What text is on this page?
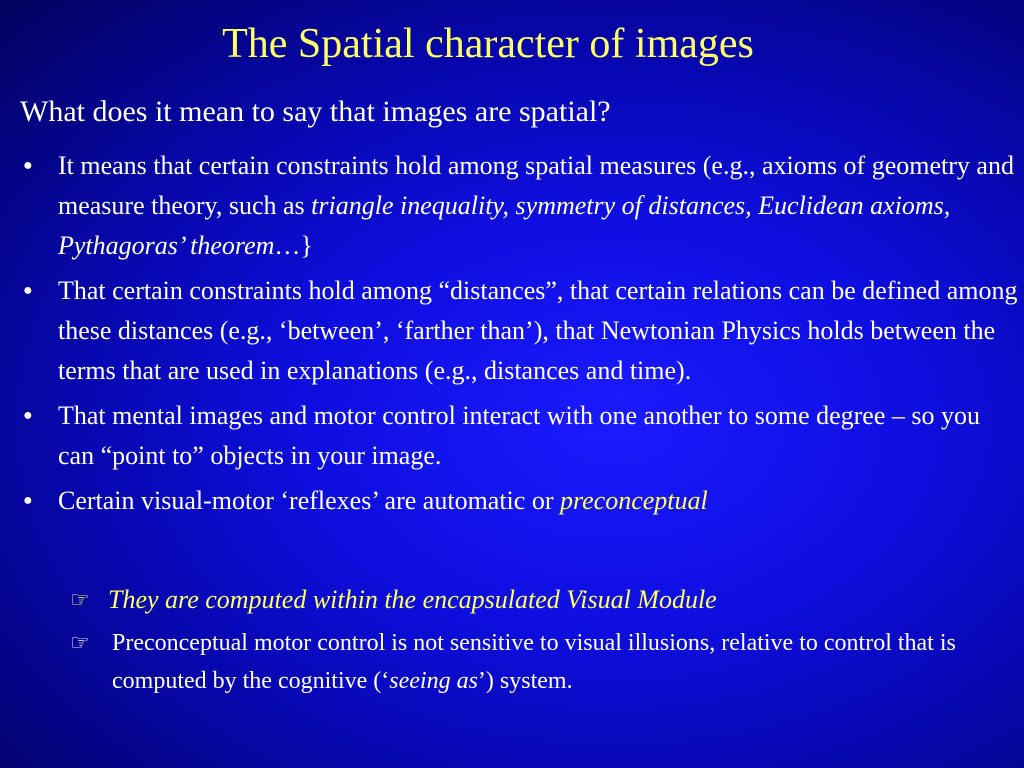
The Spatial character of images

What does it mean to say that images are spatial?

● It means that certain constraints hold among spatial measures (e.g., axioms of geometry and measure theory, such as triangle inequality, symmetry of distances, Euclidean axioms, Pythagoras’ theorem…}
● That certain constraints hold among “distances”, that certain relations can be defined among these distances (e.g., ‘between’, ‘farther than’), that Newtonian Physics holds between the terms that are used in explanations (e.g., distances and time).
● That mental images and motor control interact with one another to some degree – so you can “point to” objects in your image.
● Certain visual-motor ‘reflexes’ are automatic or preconceptual
☞ They are computed within the encapsulated Visual Module
☞ Preconceptual motor control is not sensitive to visual illusions, relative to control that is computed by the cognitive (‘seeing as’) system.
